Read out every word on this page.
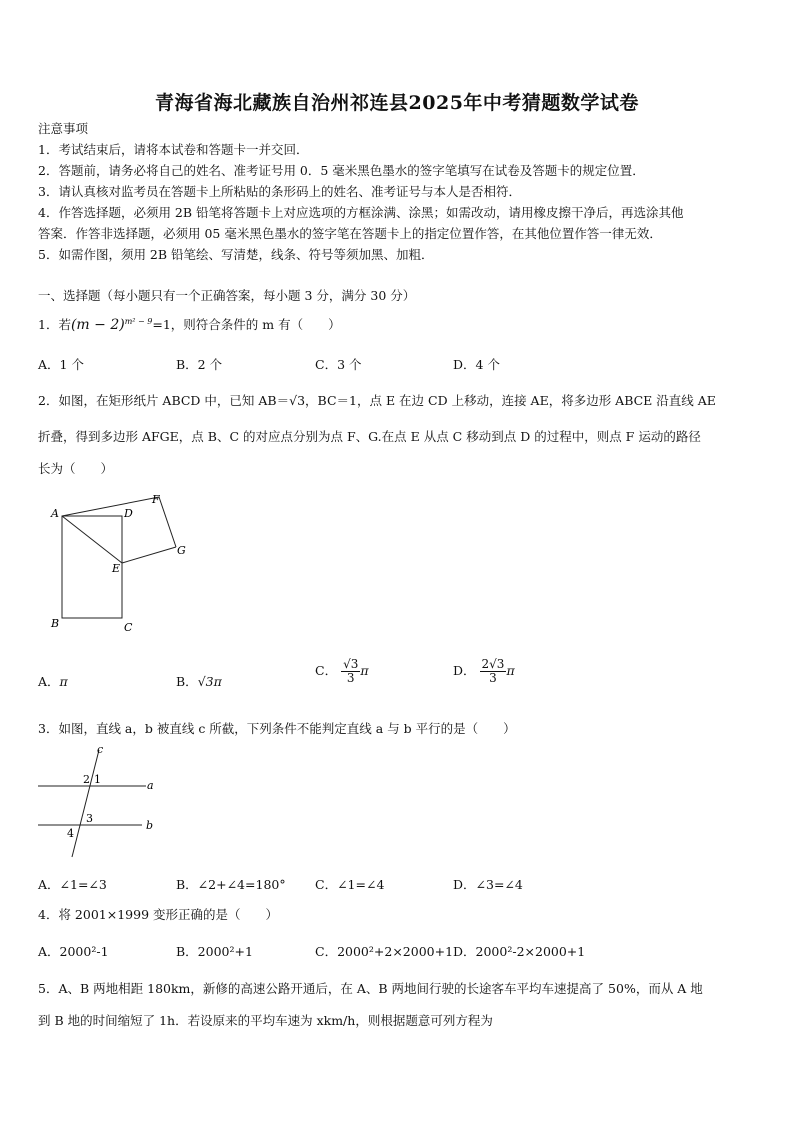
青海省海北藏族自治州祁连县2025年中考猜题数学试卷
注意事项
1．考试结束后，请将本试卷和答题卡一并交回．
2．答题前，请务必将自己的姓名、准考证号用 0．5 毫米黑色墨水的签字笔填写在试卷及答题卡的规定位置．
3．请认真核对监考员在答题卡上所粘贴的条形码上的姓名、准考证号与本人是否相符．
4．作答选择题，必须用 2B 铅笔将答题卡上对应选项的方框涂满、涂黑；如需改动，请用橡皮擦干净后，再选涂其他
答案．作答非选择题，必须用 05 毫米黑色墨水的签字笔在答题卡上的指定位置作答，在其他位置作答一律无效．
5．如需作图，须用 2B 铅笔绘、写清楚，线条、符号等须加黑、加粗．
一、选择题（每小题只有一个正确答案，每小题 3 分，满分 30 分）
1．若$(m - 2)^{m^2 - 9}=1$，则符合条件的 m 有（　　）
A．1 个	B．2 个	C．3 个	D．4 个
2．如图，在矩形纸片 ABCD 中，已知 AB＝√3，BC＝1，点 E 在边 CD 上移动，连接 AE，将多边形 ABCE 沿直线 AE
折叠，得到多边形 AFGE，点 B、C 的对应点分别为点 F、G.在点 E 从点 C 移动到点 D 的过程中，则点 F 运动的路径
长为（　　）
A
B	C
D
E
F
G
A．π	B．√3π
C． $\frac{√3}{3}$ π	D． $\frac{2√3}{3}$ π
3．如图，直线 a，b 被直线 c 所截，下列条件不能判定直线 a 与 b 平行的是（　　）
c
a
b
1
2
3
4
A．∠1=∠3	B．∠2+∠4=180° C．∠1=∠4	D．∠3=∠4
4．将 2001×1999 变形正确的是（　　）
A．2000²-1	B．2000²+1	C．2000²+2×2000+1 D．2000²-2×2000+1
5．A、B 两地相距 180km，新修的高速公路开通后，在 A、B 两地间行驶的长途客车平均车速提高了 50%，而从 A 地
到 B 地的时间缩短了 1h．若设原来的平均车速为 xkm/h，则根据题意可列方程为
